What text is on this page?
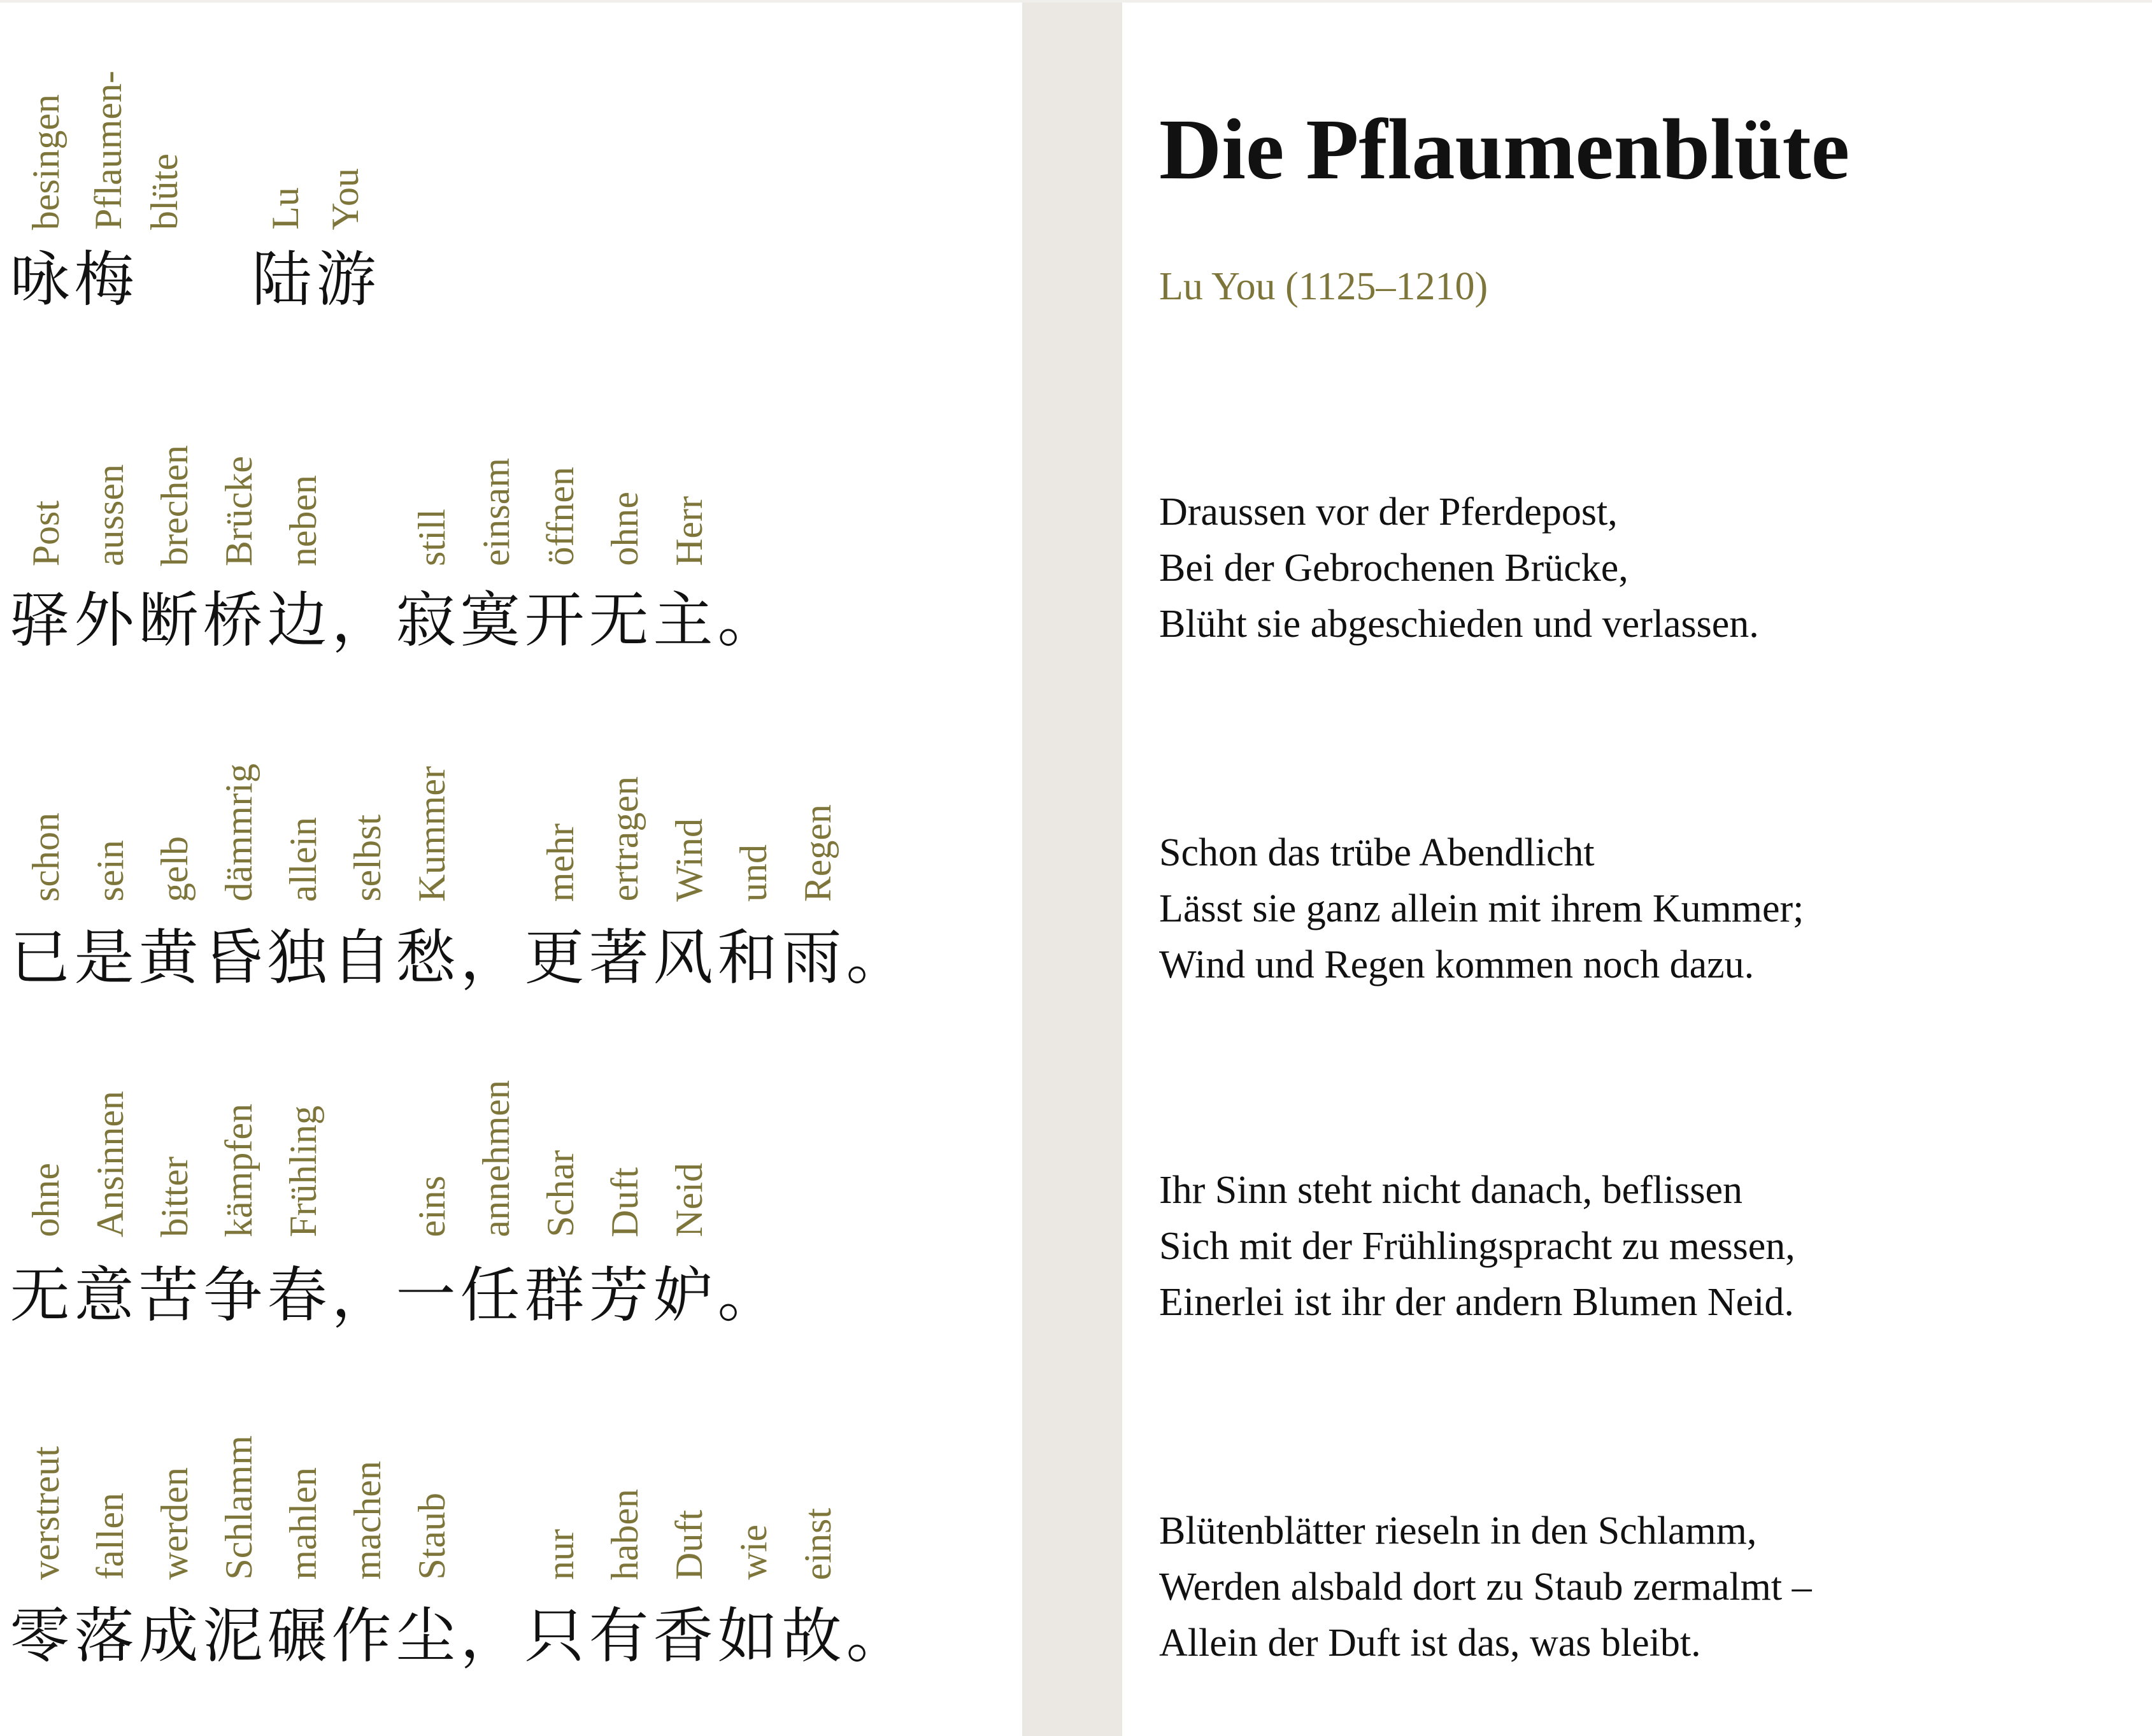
咏 梅 陆 游
besingen Pflaumen- blüte Lu You
驿 外 断 桥 边 ， 寂 寞 开 无 主 。
Post aussen brechen Brücke neben still einsam öffnen ohne Herr
已 是 黄 昏 独 自 愁 ， 更 著 风 和 雨 。
schon sein gelb dämmrig allein selbst Kummer mehr ertragen Wind und Regen
无 意 苦 争 春 ， 一 任 群 芳 妒 。
ohne Ansinnen bitter kämpfen Frühling eins annehmen Schar Duft Neid
零 落 成 泥 碾 作 尘 ， 只 有 香 如 故 。
verstreut fallen werden Schlamm mahlen machen Staub nur haben Duft wie einst
Die Pflaumenblüte
Lu You (1125–1210)
Draussen vor der Pferdepost,
Bei der Gebrochenen Brücke,
Blüht sie abgeschieden und verlassen.
Schon das trübe Abendlicht
Lässt sie ganz allein mit ihrem Kummer;
Wind und Regen kommen noch dazu.
Ihr Sinn steht nicht danach, beflissen
Sich mit der Frühlingspracht zu messen,
Einerlei ist ihr der andern Blumen Neid.
Blütenblätter rieseln in den Schlamm,
Werden alsbald dort zu Staub zermalmt –
Allein der Duft ist das, was bleibt.
